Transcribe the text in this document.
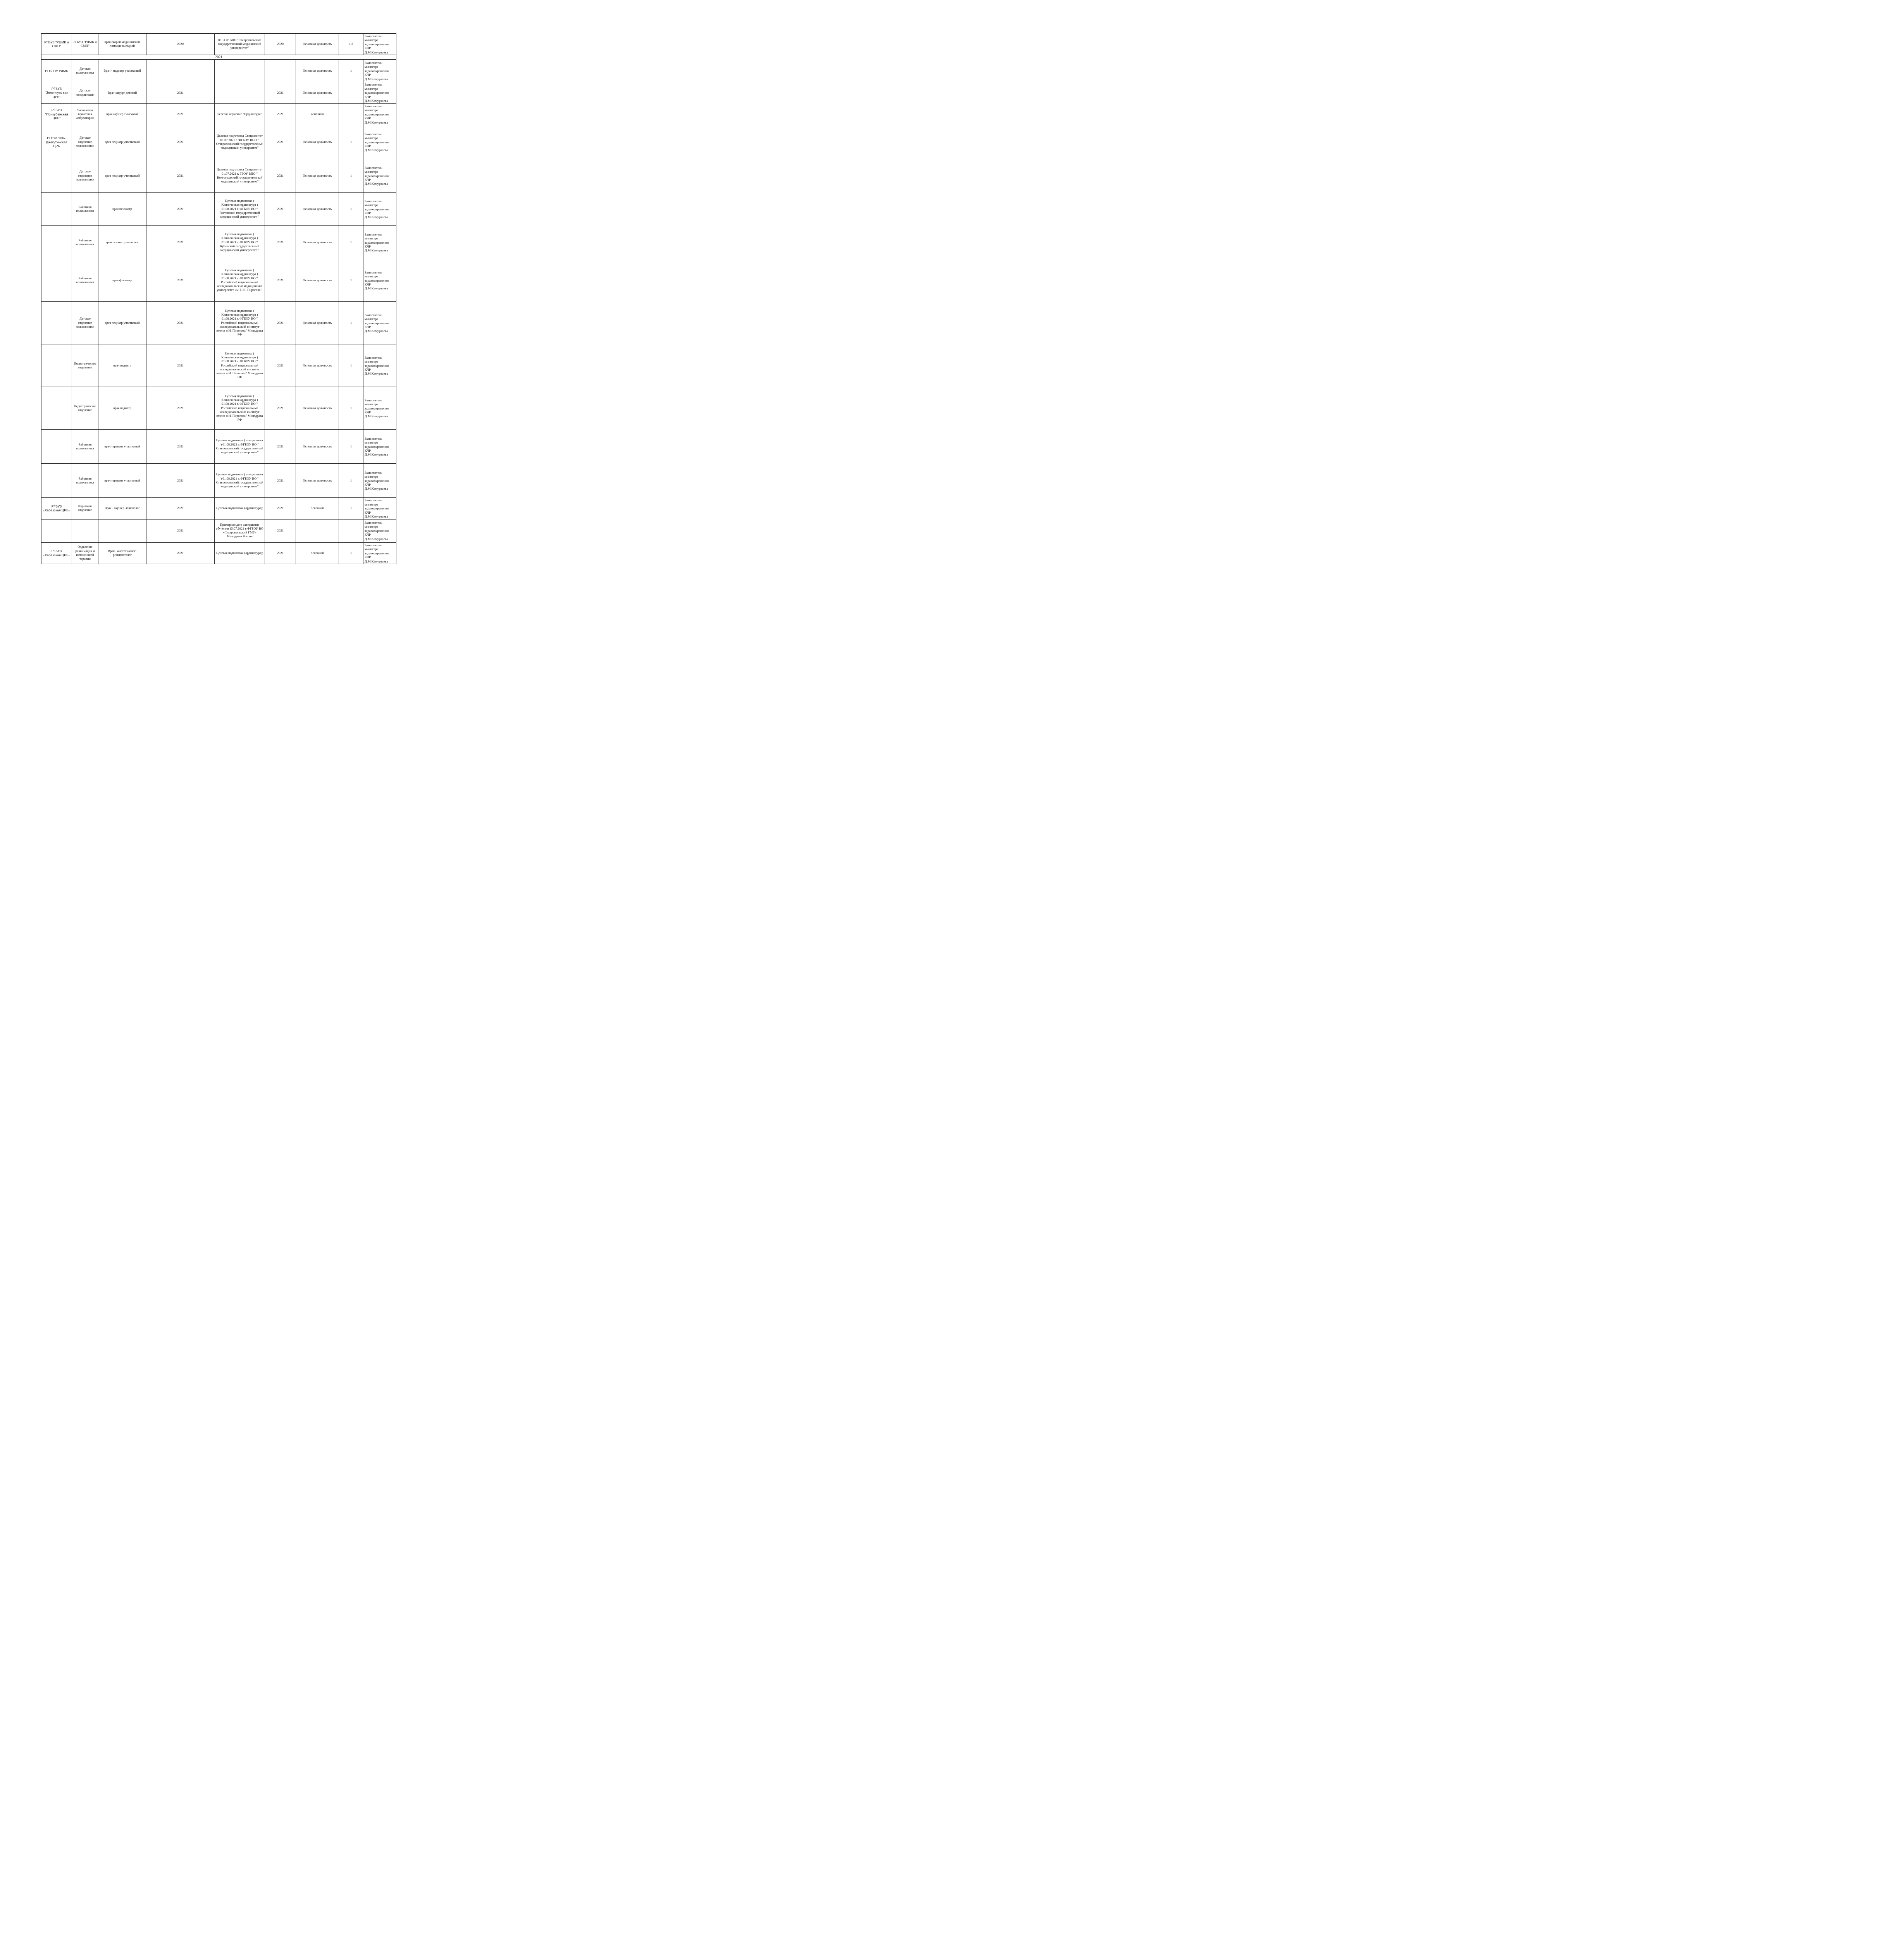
РГБУЗ "РЦМК и СМП"	РГБУЗ "РЦМК и СМП"	врач скорой медицинской помощи выездной	2020	ФГБОУ ВПО "Ставропольский государственный медицинский университет"	2020	Основная должность	1,2	Заместитель министра здравоохранения КЧР Д.М.Камурзаева
2021								
РГБЛПУ РДМБ	Детская поликлиника	Врач - педиатр участковый				Основная должность	1	Заместитель министра здравоохранения КЧР Д.М.Камурзаева
РГБУЗ "Зеленчукс кая ЦРБ"	Детская консультация	Врач-хирург детский	2021		2021	Основная должность		Заместитель министра здравоохранения КЧР Д.М.Камурзаева
РГБУЗ "Прикубанская ЦРБ"	Чапаевская врачебная амбулатория	врач акушер-гинеколог	2021	целевое обучение "Ординатура"	2021	основная		Заместитель министра здравоохранения КЧР Д.М.Камурзаева
РГБУЗ Усть-Джегутинская ЦРБ	Детское отделение поликлиники	врач педиатр участковый	2021	Целевая подготовка Специалитет 01.07.2021 г. ФГБОУ ВПО " Ставропольский государственный медицинский университет"	2021	Основная должность	1	Заместитель министра здравоохранения КЧР Д.М.Камурзаева
	Детское отделение поликлиники	врач педиатр участковый	2021	Целевая подготовка Специалитет 01.07.2021 г. ГБОУ ВПО " Волгоградский государственный медицинский университет"	2021	Основная должность	1	Заместитель министра здравоохранения КЧР Д.М.Камурзаева
	Районная поликлиника	врач психиатр	2021	Целевая подготовка ( Клиническая ординатура ) 01.08.2021 г. ФГБОУ ВО " Ростовский государственный медицинский университет "	2021	Основная должность	1	Заместитель министра здравоохранения КЧР Д.М.Камурзаева
	Районная поликлиника	врач психиатр-нарколог	2021	Целевая подготовка ( Клиническая ординатура ) 01.08.2021 г. ФГБОУ ВО " Кубанский государственный медицинский университет "	2021	Основная должность	1	Заместитель министра здравоохранения КЧР Д.М.Камурзаева
	Районная поликлиника	врач фтизиатр	2021	Целевая подготовка ( Клиническая ординатура ) 01.08.2021 г. ФГБОУ ВО " Российский национальный исследовательский медицинский университет им. Н.И. Пирогова "	2021	Основная должность	1	Заместитель министра здравоохранения КЧР Д.М.Камурзаева
	Детское отделение поликлиники	врач педиатр участковый	2021	Целевая подготовка ( Клиническая ординатура ) 01.08.2021 г. ФГБОУ ВО " Российский национальный исследовательский институт имени н.И. Пирогова" Минздрава РФ	2021	Основная должность	1	Заместитель министра здравоохранения КЧР Д.М.Камурзаева
	Педиатрическое отделение	врач педиатр	2021	Целевая подготовка ( Клиническая ординатура ) 01.08.2021 г. ФГБОУ ВО " Российский национальный исследовательский институт имени н.И. Пирогова" Минздрава РФ	2021	Основная должность	1	Заместитель министра здравоохранения КЧР Д.М.Камурзаева
	Педиатрическое отделение	врач педиатр	2021	Целевая подготовка ( Клиническая ординатура ) 01.08.2021 г. ФГБОУ ВО " Российский национальный исследовательский институт имени н.И. Пирогова" Минздрава РФ	2021	Основная должность	1	Заместитель министра здравоохранения КЧР Д.М.Камурзаева
	Районная поликлиника	врач терапевт участковый	2021	Целевая подготовка ( специалитет ) 01.08.2022 г. ФГБОУ ВО " Ставропольский государственный медицинский университет"	2021	Основная должность	1	Заместитель министра здравоохранения КЧР Д.М.Камурзаева
	Районная поликлиника	врач терапевт участковый	2021	Целевая подготовка ( специалитет ) 01.08.2021 г. ФГБОУ ВО " Ставропольский государственный медицинский университет"	2021	Основная должность	1	Заместитель министра здравоохранения КЧР Д.М.Камурзаева
РГБУЗ «Хабезская ЦРБ»	Родильное отделение	Врач - акушер -гинеколог	2021	Целевая подготовка (ординатура);	2021	основной	1	Заместитель министра здравоохранения КЧР Д.М.Камурзаева
			2021	Примерная дата завершения обучения 15.07.2021 в ФГБОУ ВО «Ставропольский ГМУ» Минздрава России	2021			Заместитель министра здравоохранения КЧР Д.М.Камурзаева
РГБУЗ «Хабезская ЦРБ»	Отделение реанимации и интенсивной терапии	Врач - анестезиолог-реаниматолог	2021	Целевая подготовка (ординатура);	2021	основной	1	Заместитель министра здравоохранения КЧР Д.М.Камурзаева
